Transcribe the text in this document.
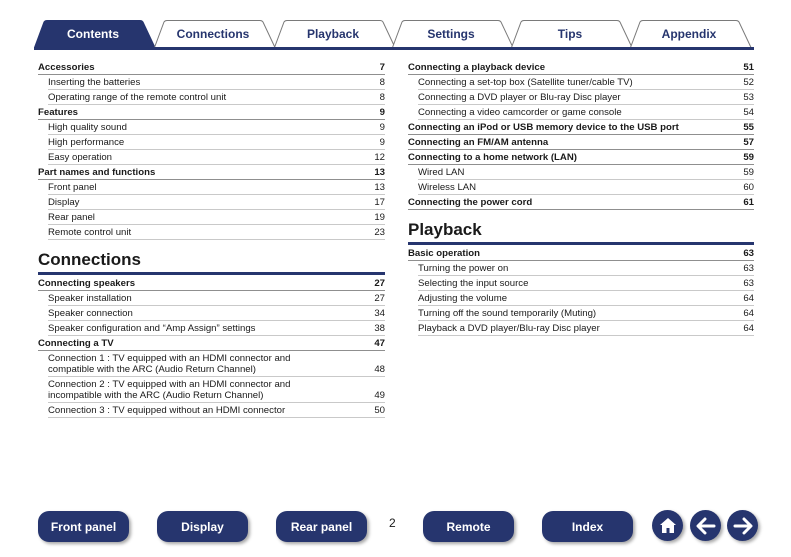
Contents	Connections	Playback	Settings	Tips	Appendix
Accessories	7
Inserting the batteries	8
Operating range of the remote control unit	8
Features	9
High quality sound	9
High performance	9
Easy operation	12
Part names and functions	13
Front panel	13
Display	17
Rear panel	19
Remote control unit	23
Connections
Connecting speakers	27
Speaker installation	27
Speaker connection	34
Speaker configuration and “Amp Assign” settings	38
Connecting a TV	47
Connection 1 : TV equipped with an HDMI connector and
compatible with the ARC (Audio Return Channel)	48
Connection 2 : TV equipped with an HDMI connector and
incompatible with the ARC (Audio Return Channel)	49
Connection 3 : TV equipped without an HDMI connector	50
Connecting a playback device	51
Connecting a set-top box (Satellite tuner/cable TV)	52
Connecting a DVD player or Blu-ray Disc player	53
Connecting a video camcorder or game console	54
Connecting an iPod or USB memory device to the USB port	55
Connecting an FM/AM antenna	57
Connecting to a home network (LAN)	59
Wired LAN	59
Wireless LAN	60
Connecting the power cord	61
Playback
Basic operation	63
Turning the power on	63
Selecting the input source	63
Adjusting the volume	64
Turning off the sound temporarily (Muting)	64
Playback a DVD player/Blu-ray Disc player	64
Front panel	Display	Rear panel	2	Remote	Index
